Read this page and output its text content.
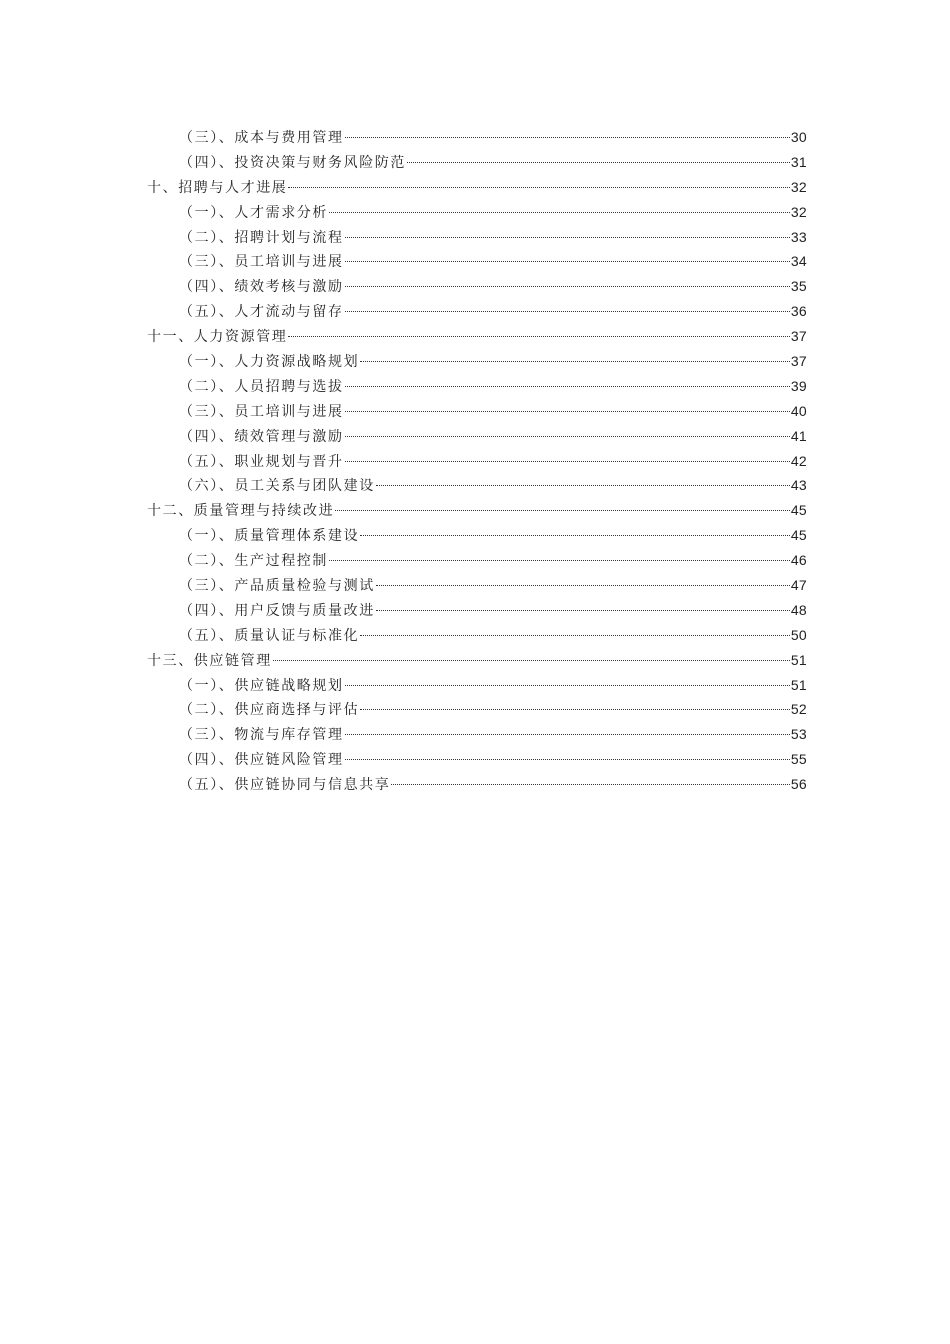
（三）、成本与费用管理	30
（四）、投资决策与财务风险防范	31
十、招聘与人才进展	32
（一）、人才需求分析	32
（二）、招聘计划与流程	33
（三）、员工培训与进展	34
（四）、绩效考核与激励	35
（五）、人才流动与留存	36
十一、人力资源管理	37
（一）、人力资源战略规划	37
（二）、人员招聘与选拔	39
（三）、员工培训与进展	40
（四）、绩效管理与激励	41
（五）、职业规划与晋升	42
（六）、员工关系与团队建设	43
十二、质量管理与持续改进	45
（一）、质量管理体系建设	45
（二）、生产过程控制	46
（三）、产品质量检验与测试	47
（四）、用户反馈与质量改进	48
（五）、质量认证与标准化	50
十三、供应链管理	51
（一）、供应链战略规划	51
（二）、供应商选择与评估	52
（三）、物流与库存管理	53
（四）、供应链风险管理	55
（五）、供应链协同与信息共享	56
